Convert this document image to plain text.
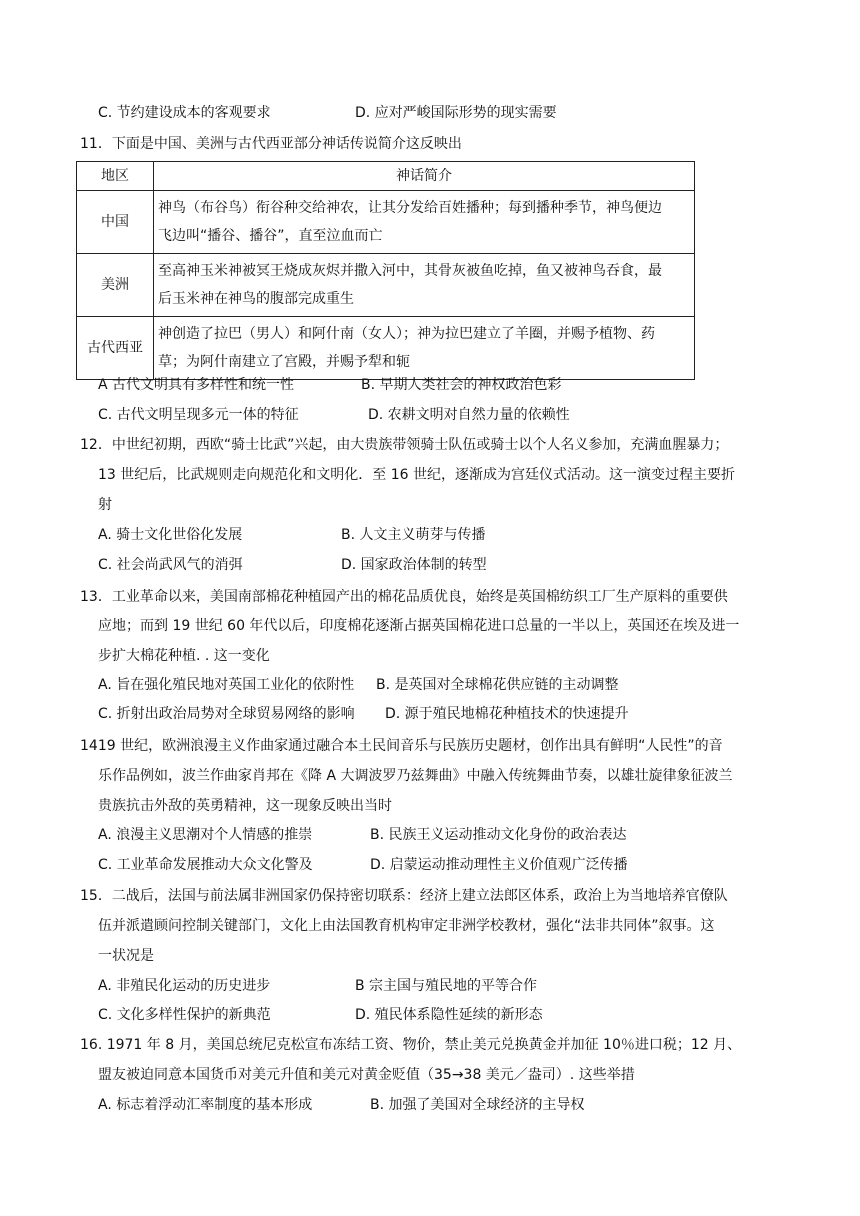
C. 节约建设成本的客观要求	D. 应对严峻国际形势的现实需要
11．下面是中国、美洲与古代西亚部分神话传说简介这反映出
地区	神话简介
中国	神鸟（布谷鸟）衔谷种交给神农，让其分发给百姓播种；每到播种季节，神鸟便边
飞边叫“播谷、播谷”，直至泣血而亡

美洲	至高神玉米神被冥王烧成灰烬并撒入河中，其骨灰被鱼吃掉，鱼又被神鸟吞食，最
后玉米神在神鸟的腹部完成重生

古代西亚	神创造了拉巴（男人）和阿什南（女人）；神为拉巴建立了羊圈，并赐予植物、药
草；为阿什南建立了宫殿，并赐予犁和轭
A 古代文明具有多样性和统一性	B. 早期人类社会的神权政治色彩
C. 古代文明呈现多元一体的特征	D. 农耕文明对自然力量的依赖性
12．中世纪初期，西欧“骑士比武”兴起，由大贵族带领骑士队伍或骑士以个人名义参加，充满血腥暴力；
13 世纪后，比武规则走向规范化和文明化．至 16 世纪，逐渐成为宫廷仪式活动。这一演变过程主要折
射
A. 骑士文化世俗化发展	B. 人文主义萌芽与传播
C. 社会尚武风气的消弭	D. 国家政治体制的转型
13．工业革命以来，美国南部棉花种植园产出的棉花品质优良，始终是英国棉纺织工厂生产原料的重要供
应地；而到 19 世纪 60 年代以后，印度棉花逐渐占据英国棉花进口总量的一半以上，英国还在埃及进一
步扩大棉花种植. . 这一变化
A. 旨在强化殖民地对英国工业化的依附性 B. 是英国对全球棉花供应链的主动调整
C. 折射出政治局势对全球贸易网络的影响 D. 源于殖民地棉花种植技术的快速提升
1419 世纪，欧洲浪漫主义作曲家通过融合本土民间音乐与民族历史题材，创作出具有鲜明“人民性”的音
乐作品例如，波兰作曲家肖邦在《降 A 大调波罗乃兹舞曲》中融入传统舞曲节奏，以雄壮旋律象征波兰
贵族抗击外敌的英勇精神，这一现象反映出当时
A. 浪漫主义思潮对个人情感的推崇	B. 民族王义运动推动文化身份的政治表达
C. 工业革命发展推动大众文化警及	D. 启蒙运动推动理性主义价值观广泛传播
15．二战后，法国与前法属非洲国家仍保持密切联系：经济上建立法郎区体系，政治上为当地培养官僚队
伍并派遣顾问控制关键部门，文化上由法国教育机构审定非洲学校教材，强化“法非共同体”叙事。这
一状况是
A. 非殖民化运动的历史进步	B 宗主国与殖民地的平等合作
C. 文化多样性保护的新典范	D. 殖民体系隐性延续的新形态
16. 1971 年 8 月，美国总统尼克松宣布冻结工资、物价，禁止美元兑换黄金并加征 10％进口税；12 月、
盟友被迫同意本国货币对美元升值和美元对黄金贬值（35→38 美元／盎司）. 这些举措
A. 标志着浮动汇率制度的基本形成	B. 加强了美国对全球经济的主导权
